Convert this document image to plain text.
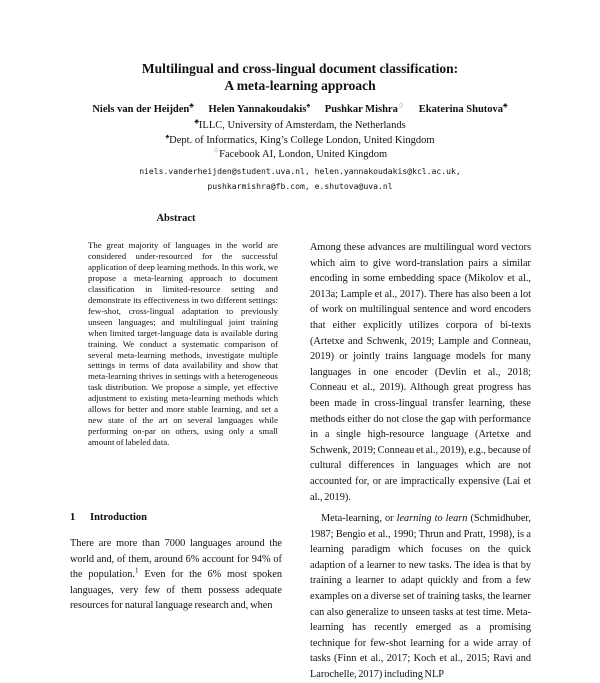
Multilingual and cross-lingual document classification:
A meta-learning approach
Niels van der Heijden♣ Helen Yannakoudakis♠ Pushkar Mishra♢ Ekaterina Shutova♣
♣ILLC, University of Amsterdam, the Netherlands
♠Dept. of Informatics, King’s College London, United Kingdom
♢Facebook AI, London, United Kingdom
niels.vanderheijden@student.uva.nl, helen.yannakoudakis@kcl.ac.uk,
pushkarmishra@fb.com, e.shutova@uva.nl
Abstract

The great majority of languages in the world are considered under-resourced for the successful application of deep learning methods. In this work, we propose a meta-learning approach to document classification in limited-resource setting and demonstrate its effectiveness in two different settings: few-shot, cross-lingual adaptation to previously unseen languages; and multilingual joint training when limited target-language data is available during training. We conduct a systematic comparison of several meta-learning methods, investigate multiple settings in terms of data availability and show that meta-learning thrives in settings with a heterogeneous task distribution. We propose a simple, yet effective adjustment to existing meta-learning methods which allows for better and more stable learning, and set a new state of the art on several languages while performing on-par on others, using only a small amount of labeled data.

1 Introduction

There are more than 7000 languages around the world and, of them, around 6% account for 94% of the population.$^1$ Even for the 6% most spoken languages, very few of them possess adequate resources for natural language research and, when

Among these advances are multilingual word vectors which aim to give word-translation pairs a similar encoding in some embedding space (Mikolov et al., 2013a; Lample et al., 2017). There has also been a lot of work on multilingual sentence and word encoders that either explicitly utilizes corpora of bi-texts (Artetxe and Schwenk, 2019; Lample and Conneau, 2019) or jointly trains language models for many languages in one encoder (Devlin et al., 2018; Conneau et al., 2019). Although great progress has been made in cross-lingual transfer learning, these methods either do not close the gap with performance in a single high-resource language (Artetxe and Schwenk, 2019; Conneau et al., 2019), e.g., because of cultural differences in languages which are not accounted for, or are impractically expensive (Lai et al., 2019).

Meta-learning, or learning to learn (Schmidhuber, 1987; Bengio et al., 1990; Thrun and Pratt, 1998), is a learning paradigm which focuses on the quick adaption of a learner to new tasks. The idea is that by training a learner to adapt quickly and from a few examples on a diverse set of training tasks, the learner can also generalize to unseen tasks at test time. Meta-learning has recently emerged as a promising technique for few-shot learning for a wide array of tasks (Finn et al., 2017; Koch et al., 2015; Ravi and Larochelle, 2017) including NLP
